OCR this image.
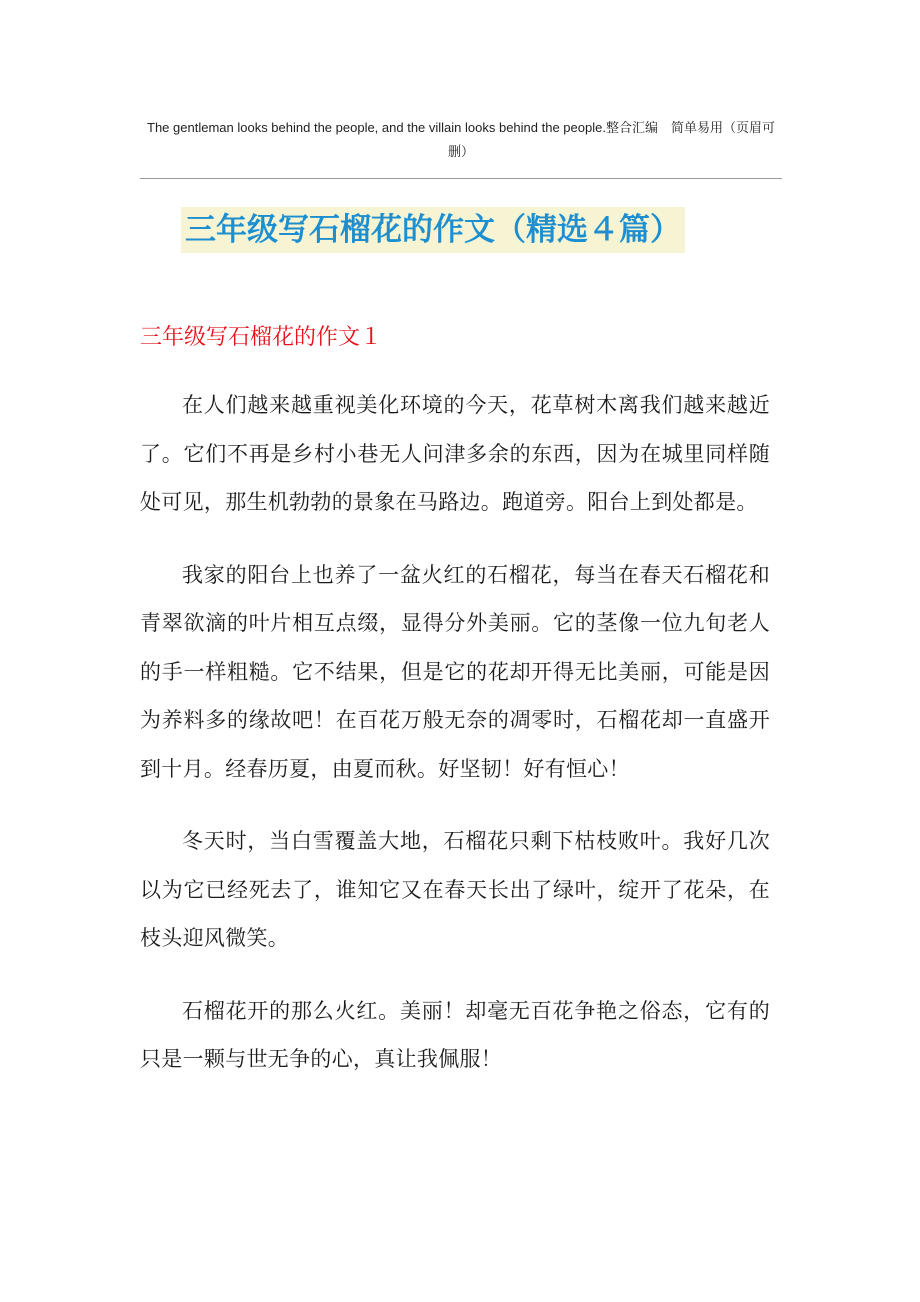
The gentleman looks behind the people, and the villain looks behind the people.整合汇编　简单易用（页眉可删）
三年级写石榴花的作文（精选４篇）
三年级写石榴花的作文１

在人们越来越重视美化环境的今天，花草树木离我们越来越近了。它们不再是乡村小巷无人问津多余的东西，因为在城里同样随处可见，那生机勃勃的景象在马路边。跑道旁。阳台上到处都是。

我家的阳台上也养了一盆火红的石榴花，每当在春天石榴花和青翠欲滴的叶片相互点缀，显得分外美丽。它的茎像一位九旬老人的手一样粗糙。它不结果，但是它的花却开得无比美丽，可能是因为养料多的缘故吧！在百花万般无奈的凋零时，石榴花却一直盛开到十月。经春历夏，由夏而秋。好坚韧！好有恒心！

冬天时，当白雪覆盖大地，石榴花只剩下枯枝败叶。我好几次以为它已经死去了，谁知它又在春天长出了绿叶，绽开了花朵，在枝头迎风微笑。

石榴花开的那么火红。美丽！却毫无百花争艳之俗态，它有的只是一颗与世无争的心，真让我佩服！
